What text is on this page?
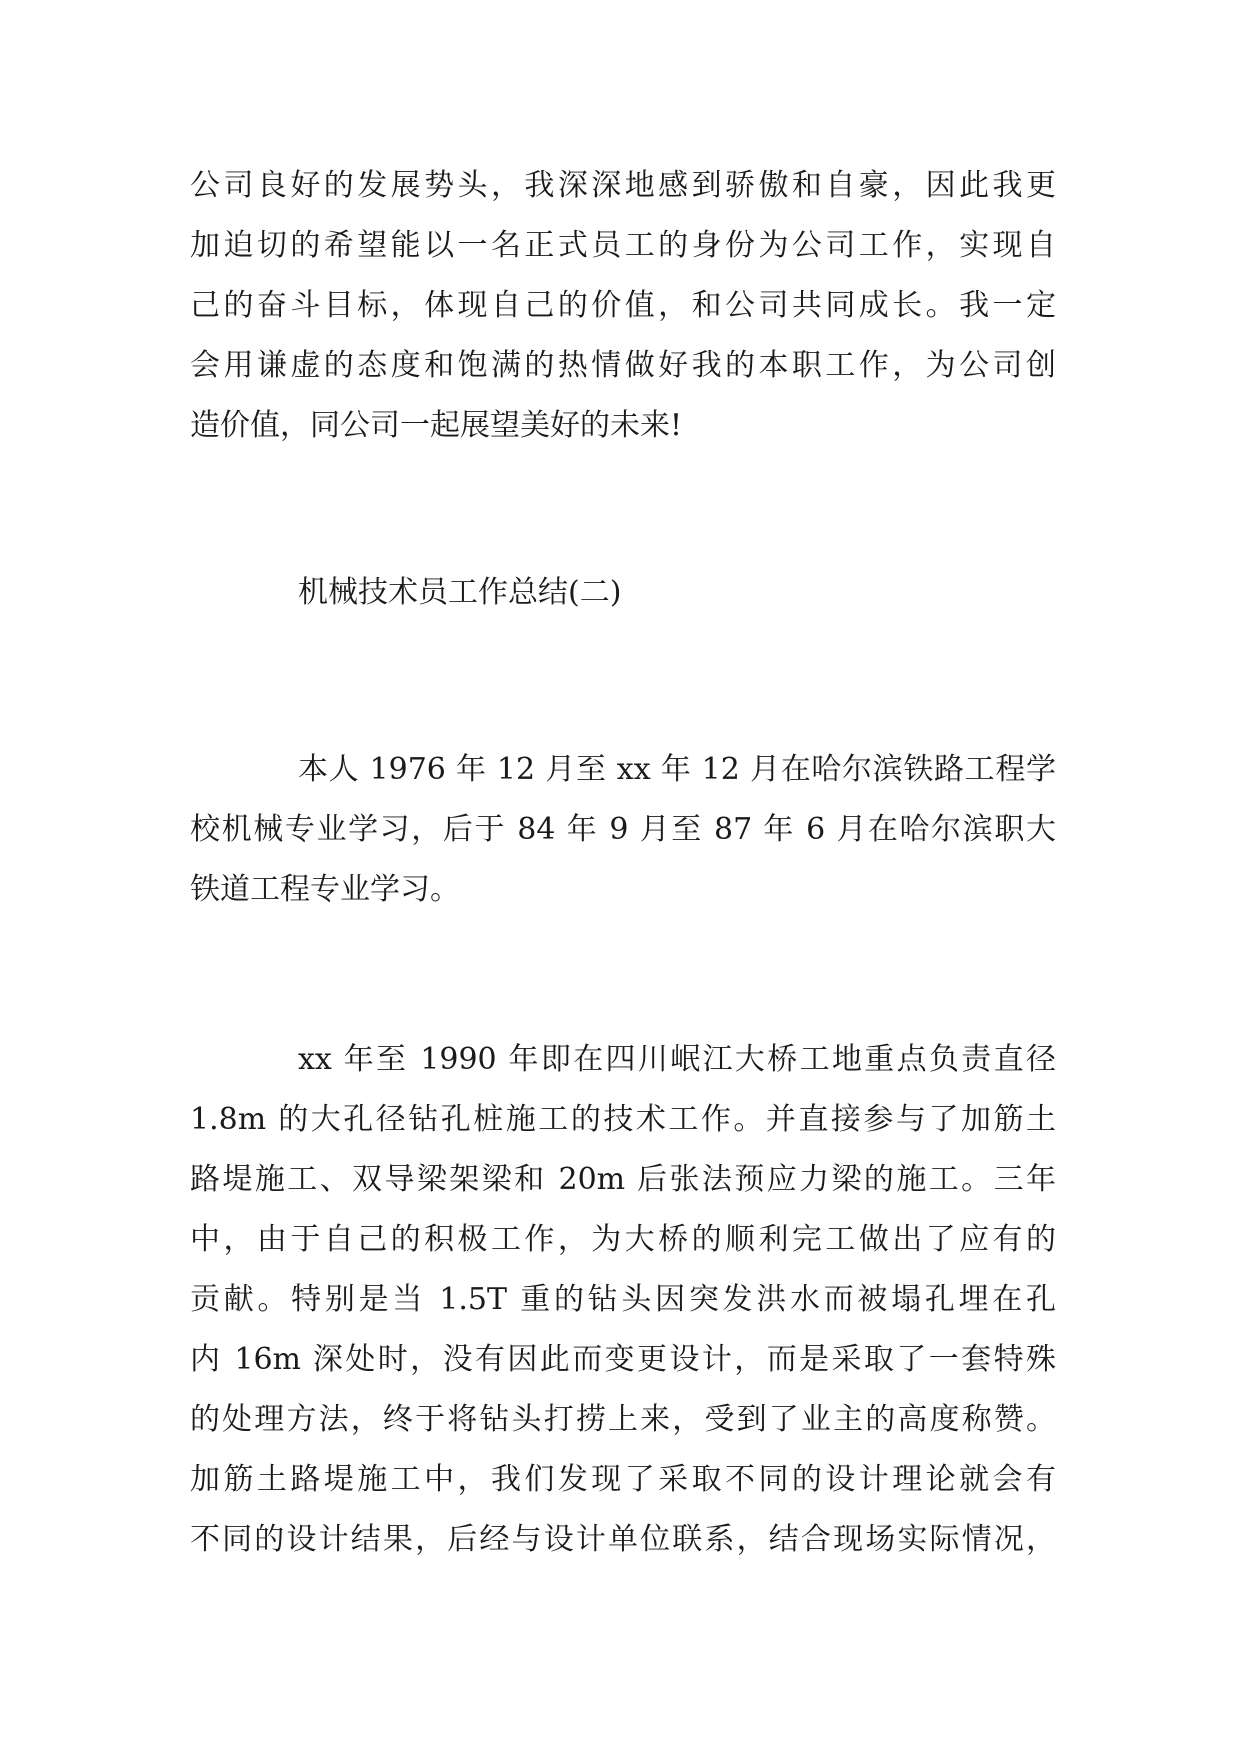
公司良好的发展势头，我深深地感到骄傲和自豪，因此我更
加迫切的希望能以一名正式员工的身份为公司工作，实现自
己的奋斗目标，体现自己的价值，和公司共同成长。我一定
会用谦虚的态度和饱满的热情做好我的本职工作，为公司创
造价值，同公司一起展望美好的未来!
机械技术员工作总结(二)
本人 1976 年 12 月至 xx 年 12 月在哈尔滨铁路工程学
校机械专业学习，后于 84 年 9 月至 87 年 6 月在哈尔滨职大
铁道工程专业学习。
xx 年至 1990 年即在四川岷江大桥工地重点负责直径
1.8m 的大孔径钻孔桩施工的技术工作。并直接参与了加筋土
路堤施工、双导梁架梁和 20m 后张法预应力梁的施工。三年
中，由于自己的积极工作，为大桥的顺利完工做出了应有的
贡献。特别是当 1.5T 重的钻头因突发洪水而被塌孔埋在孔
内 16m 深处时，没有因此而变更设计，而是采取了一套特殊
的处理方法，终于将钻头打捞上来，受到了业主的高度称赞。
加筋土路堤施工中，我们发现了采取不同的设计理论就会有
不同的设计结果，后经与设计单位联系，结合现场实际情况，
